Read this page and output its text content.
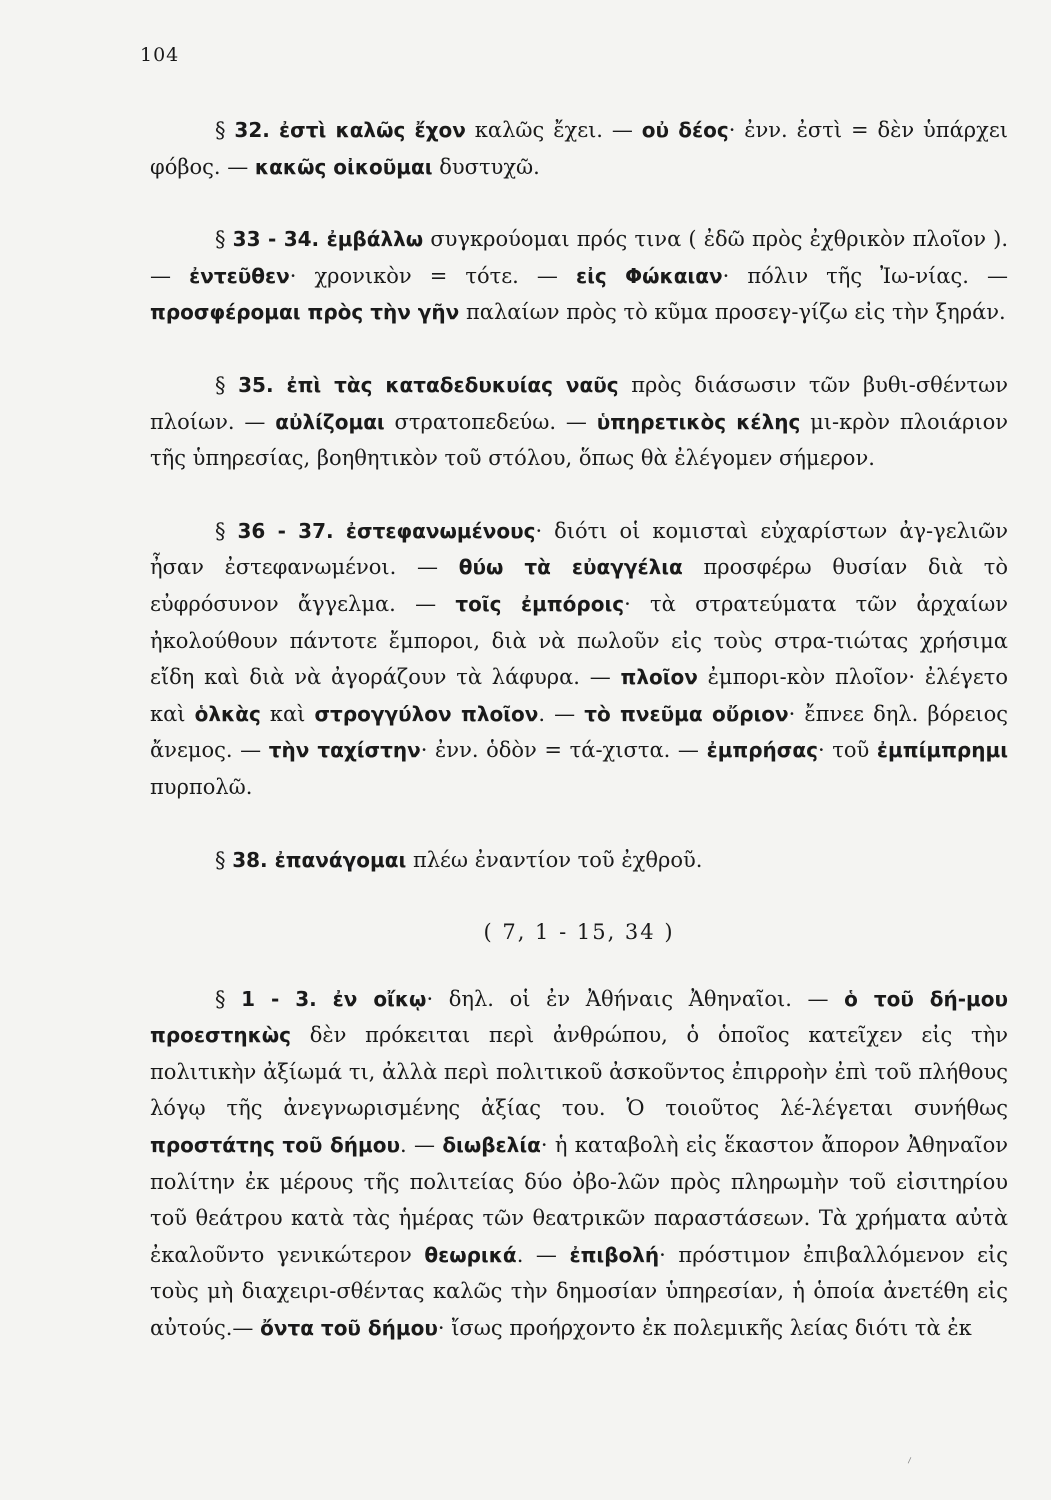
104

§ 32. ἐστὶ καλῶς ἔχον καλῶς ἔχει. — οὐ δέος· ἐνν. ἐστὶ = δὲν ὑπάρχει φόβος. — κακῶς οἰκοῦμαι δυστυχῶ.

§ 33 - 34. ἐμβάλλω συγκρούομαι πρός τινα ( ἐδῶ πρὸς ἐχθρικὸν πλοῖον ). — ἐντεῦθεν· χρονικὸν = τότε. — εἰς Φώκαιαν· πόλιν τῆς Ἰω-νίας. — προσφέρομαι πρὸς τὴν γῆν παλαίων πρὸς τὸ κῦμα προσεγ-γίζω εἰς τὴν ξηράν.

§ 35. ἐπὶ τὰς καταδεδυκυίας ναῦς πρὸς διάσωσιν τῶν βυθι-σθέντων πλοίων. — αὐλίζομαι στρατοπεδεύω. — ὑπηρετικὸς κέλης μι-κρὸν πλοιάριον τῆς ὑπηρεσίας, βοηθητικὸν τοῦ στόλου, ὅπως θὰ ἐλέγομεν σήμερον.

§ 36 - 37. ἐστεφανωμένους· διότι οἱ κομισταὶ εὐχαρίστων ἀγ-γελιῶν ἦσαν ἐστεφανωμένοι. — θύω τὰ εὐαγγέλια προσφέρω θυσίαν διὰ τὸ εὐφρόσυνον ἄγγελμα. — τοῖς ἐμπόροις· τὰ στρατεύματα τῶν ἀρχαίων ἠκολούθουν πάντοτε ἔμποροι, διὰ νὰ πωλοῦν εἰς τοὺς στρα-τιώτας χρήσιμα εἴδη καὶ διὰ νὰ ἀγοράζουν τὰ λάφυρα. — πλοῖον ἐμπορι-κὸν πλοῖον· ἐλέγετο καὶ ὁλκὰς καὶ στρογγύλον πλοῖον. — τὸ πνεῦμα οὔριον· ἔπνεε δηλ. βόρειος ἄνεμος. — τὴν ταχίστην· ἐνν. ὁδὸν = τά-χιστα. — ἐμπρήσας· τοῦ ἐμπίμπρημι πυρπολῶ.

§ 38. ἐπανάγομαι πλέω ἐναντίον τοῦ ἐχθροῦ.

( 7, 1 - 15, 34 )

§ 1 - 3. ἐν οἴκῳ· δηλ. οἱ ἐν Ἀθήναις Ἀθηναῖοι. — ὁ τοῦ δή-μου προεστηκὼς δὲν πρόκειται περὶ ἀνθρώπου, ὁ ὁποῖος κατεῖχεν εἰς τὴν πολιτικὴν ἀξίωμά τι, ἀλλὰ περὶ πολιτικοῦ ἀσκοῦντος ἐπιρροὴν ἐπὶ τοῦ πλήθους λόγῳ τῆς ἀνεγνωρισμένης ἀξίας του. Ὁ τοιοῦτος λέ-λέγεται συνήθως προστάτης τοῦ δήμου. — διωβελία· ἡ καταβολὴ εἰς ἕκαστον ἄπορον Ἀθηναῖον πολίτην ἐκ μέρους τῆς πολιτείας δύο ὀβο-λῶν πρὸς πληρωμὴν τοῦ εἰσιτηρίου τοῦ θεάτρου κατὰ τὰς ἡμέρας τῶν θεατρικῶν παραστάσεων. Τὰ χρήματα αὐτὰ ἐκαλοῦντο γενικώτερον θεωρικά. — ἐπιβολή· πρόστιμον ἐπιβαλλόμενον εἰς τοὺς μὴ διαχειρι-σθέντας καλῶς τὴν δημοσίαν ὑπηρεσίαν, ἡ ὁποία ἀνετέθη εἰς αὐτούς.— ὄντα τοῦ δήμου· ἴσως προήρχοντο ἐκ πολεμικῆς λείας διότι τὰ ἐκ

⸝
